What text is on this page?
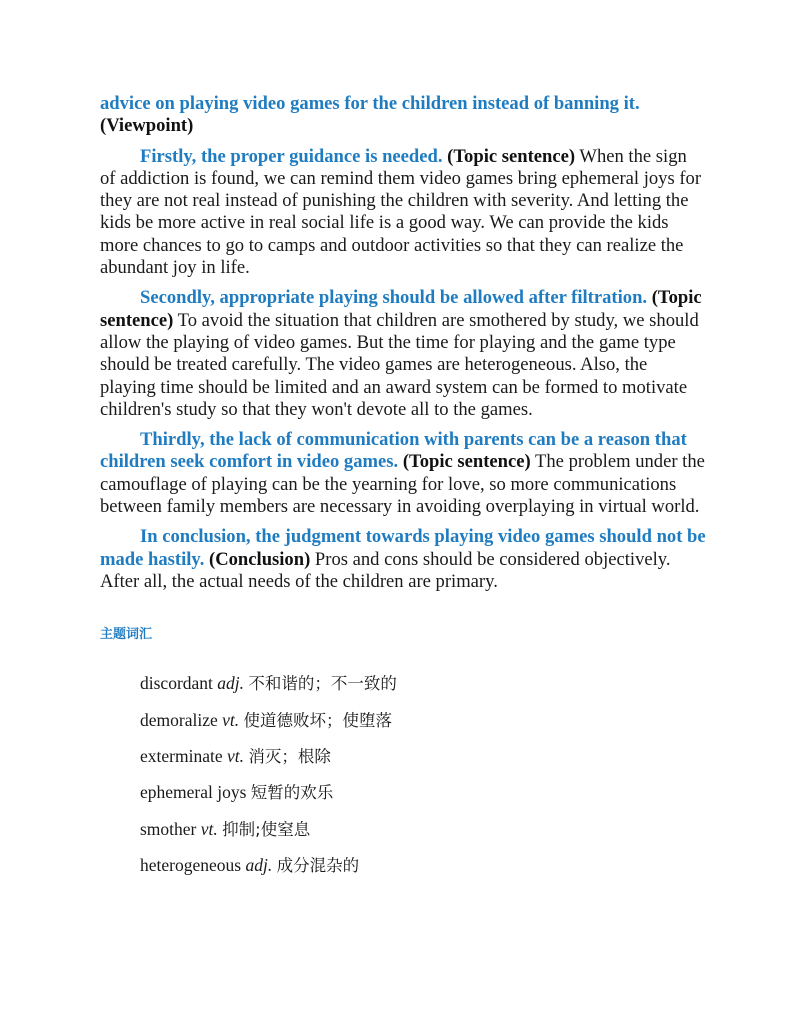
advice on playing video games for the children instead of banning it.
(Viewpoint)

Firstly, the proper guidance is needed. (Topic sentence) When the sign of addiction is found, we can remind them video games bring ephemeral joys for they are not real instead of punishing the children with severity. And letting the kids be more active in real social life is a good way. We can provide the kids more chances to go to camps and outdoor activities so that they can realize the abundant joy in life.

Secondly, appropriate playing should be allowed after filtration. (Topic sentence) To avoid the situation that children are smothered by study, we should allow the playing of video games. But the time for playing and the game type should be treated carefully. The video games are heterogeneous. Also, the playing time should be limited and an award system can be formed to motivate children's study so that they won't devote all to the games.

Thirdly, the lack of communication with parents can be a reason that children seek comfort in video games. (Topic sentence) The problem under the camouflage of playing can be the yearning for love, so more communications between family members are necessary in avoiding overplaying in virtual world.

In conclusion, the judgment towards playing video games should not be made hastily. (Conclusion) Pros and cons should be considered objectively. After all, the actual needs of the children are primary.

主题词汇
discordant adj. 不和谐的；不一致的
demoralize vt. 使道德败坏；使堕落
exterminate vt. 消灭；根除
ephemeral joys 短暂的欢乐
smother vt. 抑制;使窒息
heterogeneous adj. 成分混杂的
